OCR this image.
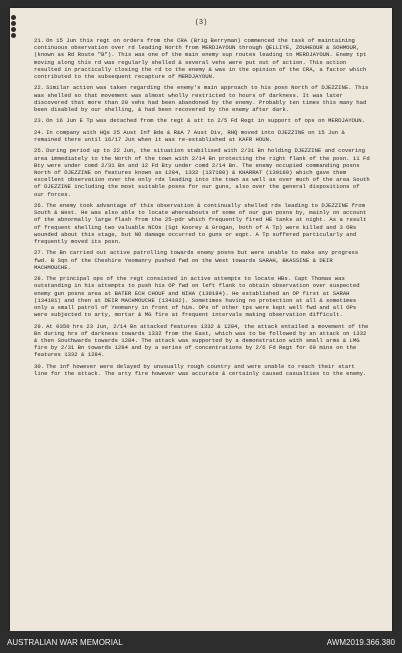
(3)

21. On 15 Jun this regt on orders from the CRA (Brig Berryman) commenced the task of maintaining continuous observation over rd leading North from MERDJAYOUN through QELLIYE, ZOUHEOUR & SOHMOUR, (known as Rd Route "B"). This was one of the main enemy sup routes leading to MERDJAYOUN. Enemy tpt moving along this rd was regularly shelled & several vehs were put out of action. This action resulted in practically closing the rd to the enemy & was in the opinion of the CRA, a factor which contributed to the subsequent recapture of MERDJAYOUN.

22. Similar action was taken regarding the enemy's main approach to his posn North of DJEZZINE. This was shelled so that movement was almost wholly restricted to hours of darkness. It was later discovered that more than 20 vehs had been abandoned by the enemy. Probably ten times this many had been disabled by our shelling, & had been recovered by the enemy after dark.

23. On 16 Jun E Tp was detached from the regt & att to 2/5 Fd Regt in support of ops on MERDJAYOUN.

24. In company with HQs 25 Aust Inf Bde & R&A 7 Aust Div, RHQ moved into DJEZZINE on 15 Jun & remained there until 16/17 Jun when it was re-established at KAFR HOUN.

25. During period up to 22 Jun, the situation stabilised with 2/31 Bn holding DJEZZINE and covering area immediately to the North of the town with 2/14 Bn protecting the right flank of the posn. 11 Fd Bty were under comd 2/31 Bn and 12 Fd Bty under comd 2/14 Bn. The enemy occupied commanding posns North of DJEZZINE on features known as 1284, 1332 (137180) & KHARRAT (139180) which gave them excellent observation over the only rds leading into the town as well as over much of the area South of DJEZZINE including the most suitable posns for our guns, also over the general dispositions of our forces.

26. The enemy took advantage of this observation & continually shelled rds leading to DJEZZINE from South & West. He was also able to locate whereabouts of some of our gun posns by, mainly on account of the abnormally large flash from the 25-pdr which frequently fired HE tanks at night. As a result of frequent shelling two valuable NCOs (Sgt Koorey & Grogan, both of A Tp) were killed and 3 ORs wounded about this stage, but NO damage occurred to guns or eqpt. A Tp suffered particularly and frequently moved its posn.

27. The Bn carried out active patrolling towards enemy posns but were unable to make any progress fwd. B Sqn of the Cheshire Yeomanry pushed fwd on the West towards SARAH, BKASSINE & DEIR MACHMOUCHE.

28. The principal ops of the regt consisted in active attempts to locate HBs. Capt Thomas was outstanding in his attempts to push his OP fwd on left flank to obtain observation over suspected enemy gun posns area at BATER ECH CHOUF and NIHA (139184). He established an OP first at SARAH (134181) and then at DEIR MACHMOUCHE (134182). Sometimes having no protection at all & sometimes only a small patrol of Yeomanry in front of him. OPs of other tps were kept well fwd and all OPs were subjected to arty, mortar & MG fire at frequent intervals making observation difficult.

29. At 0350 hrs 23 Jun, 2/14 Bn attacked features 1332 & 1284, the attack entailed a movement of the Bn during hrs of darkness towards 1332 from the East, which was to be followed by an attack on 1332 & then Southwards towards 1284. The attack was supported by a demonstration with small arms & LMG fire by 2/31 Bn towards 1284 and by a series of concentrations by 2/6 Fd Regt for 60 mins on the features 1332 & 1284.

30. The inf however were delayed by unusually rough country and were unable to reach their start line for the attack. The arty fire however was accurate & certainly caused casualties to the enemy.

AUSTRALIAN WAR MEMORIAL	AWM2019.366.380
